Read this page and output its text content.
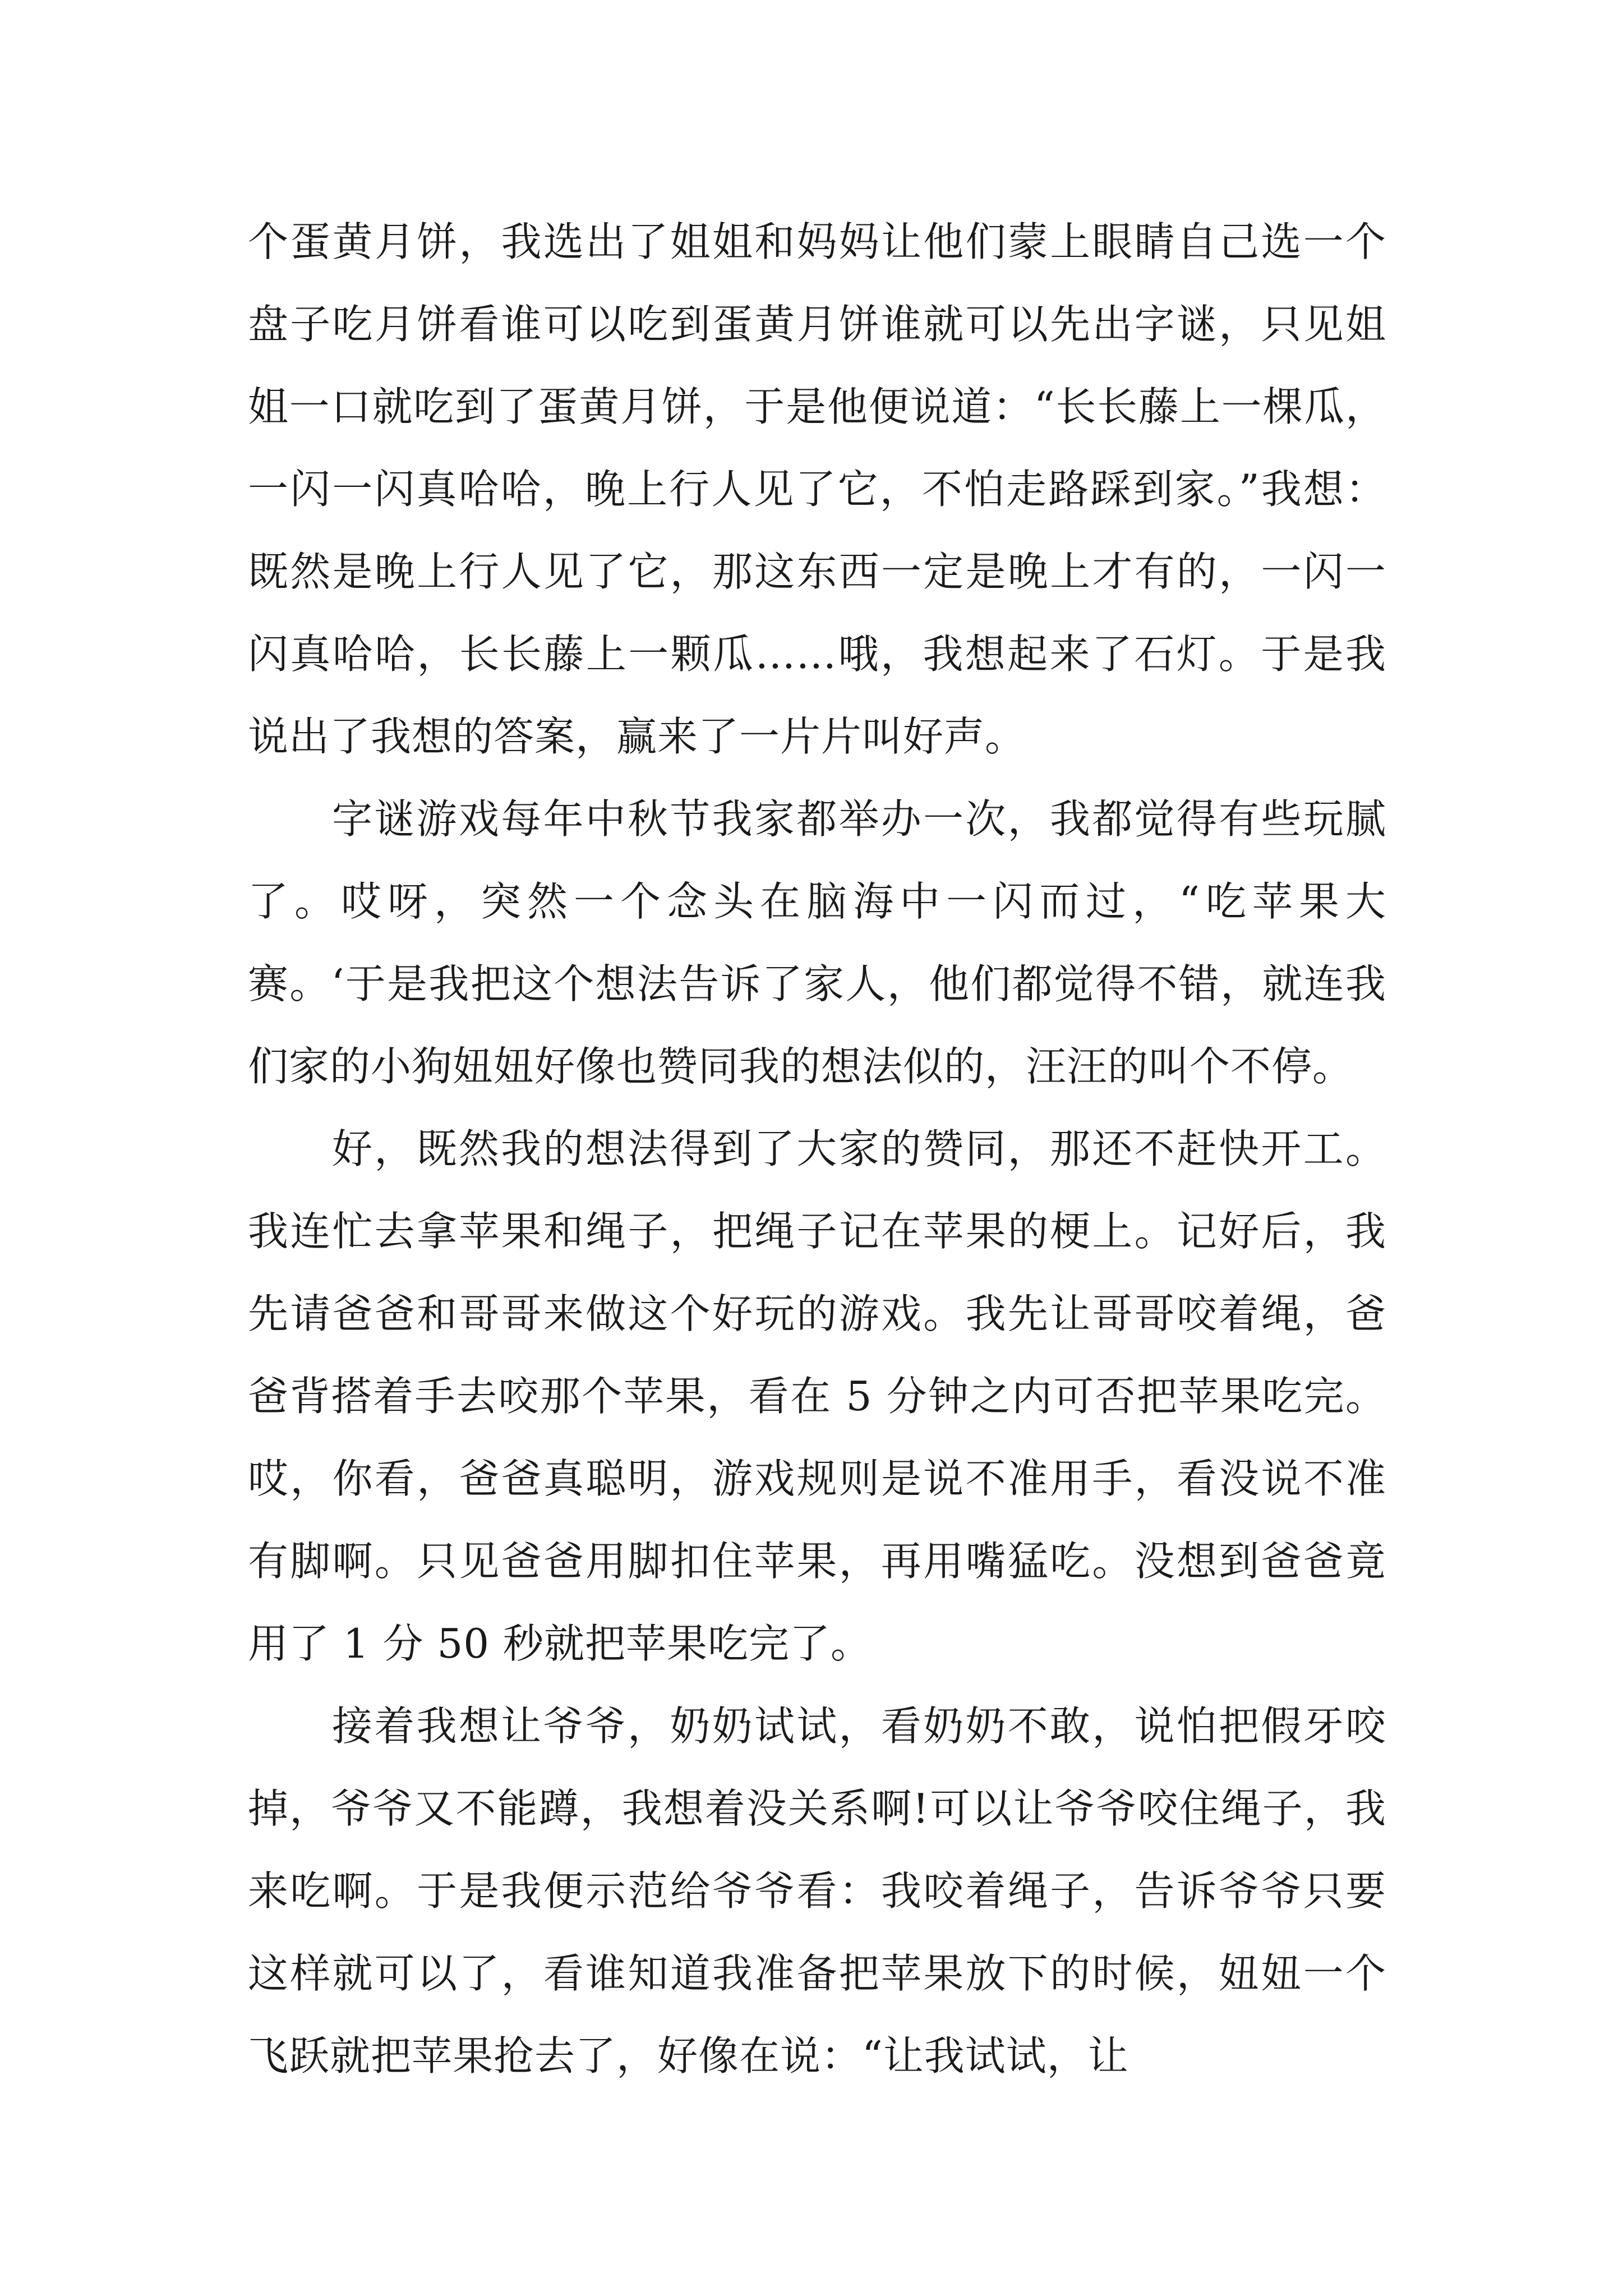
个蛋黄月饼，我选出了姐姐和妈妈让他们蒙上眼睛自己选一个盘子吃月饼看谁可以吃到蛋黄月饼谁就可以先出字谜，只见姐姐一口就吃到了蛋黄月饼，于是他便说道：“长长藤上一棵瓜，一闪一闪真哈哈，晚上行人见了它，不怕走路踩到家。”我想：既然是晚上行人见了它，那这东西一定是晚上才有的，一闪一闪真哈哈，长长藤上一颗瓜……哦，我想起来了石灯。于是我说出了我想的答案，赢来了一片片叫好声。

字谜游戏每年中秋节我家都举办一次，我都觉得有些玩腻了。哎呀，突然一个念头在脑海中一闪而过，“吃苹果大赛。‘于是我把这个想法告诉了家人，他们都觉得不错，就连我们家的小狗妞妞好像也赞同我的想法似的，汪汪的叫个不停。

好，既然我的想法得到了大家的赞同，那还不赶快开工。我连忙去拿苹果和绳子，把绳子记在苹果的梗上。记好后，我先请爸爸和哥哥来做这个好玩的游戏。我先让哥哥咬着绳，爸爸背搭着手去咬那个苹果，看在 5 分钟之内可否把苹果吃完。哎，你看，爸爸真聪明，游戏规则是说不准用手，看没说不准有脚啊。只见爸爸用脚扣住苹果，再用嘴猛吃。没想到爸爸竟用了 1 分 50 秒就把苹果吃完了。

接着我想让爷爷，奶奶试试，看奶奶不敢，说怕把假牙咬掉，爷爷又不能蹲，我想着没关系啊!可以让爷爷咬住绳子，我来吃啊。于是我便示范给爷爷看：我咬着绳子，告诉爷爷只要这样就可以了，看谁知道我准备把苹果放下的时候，妞妞一个飞跃就把苹果抢去了，好像在说：“让我试试，让
